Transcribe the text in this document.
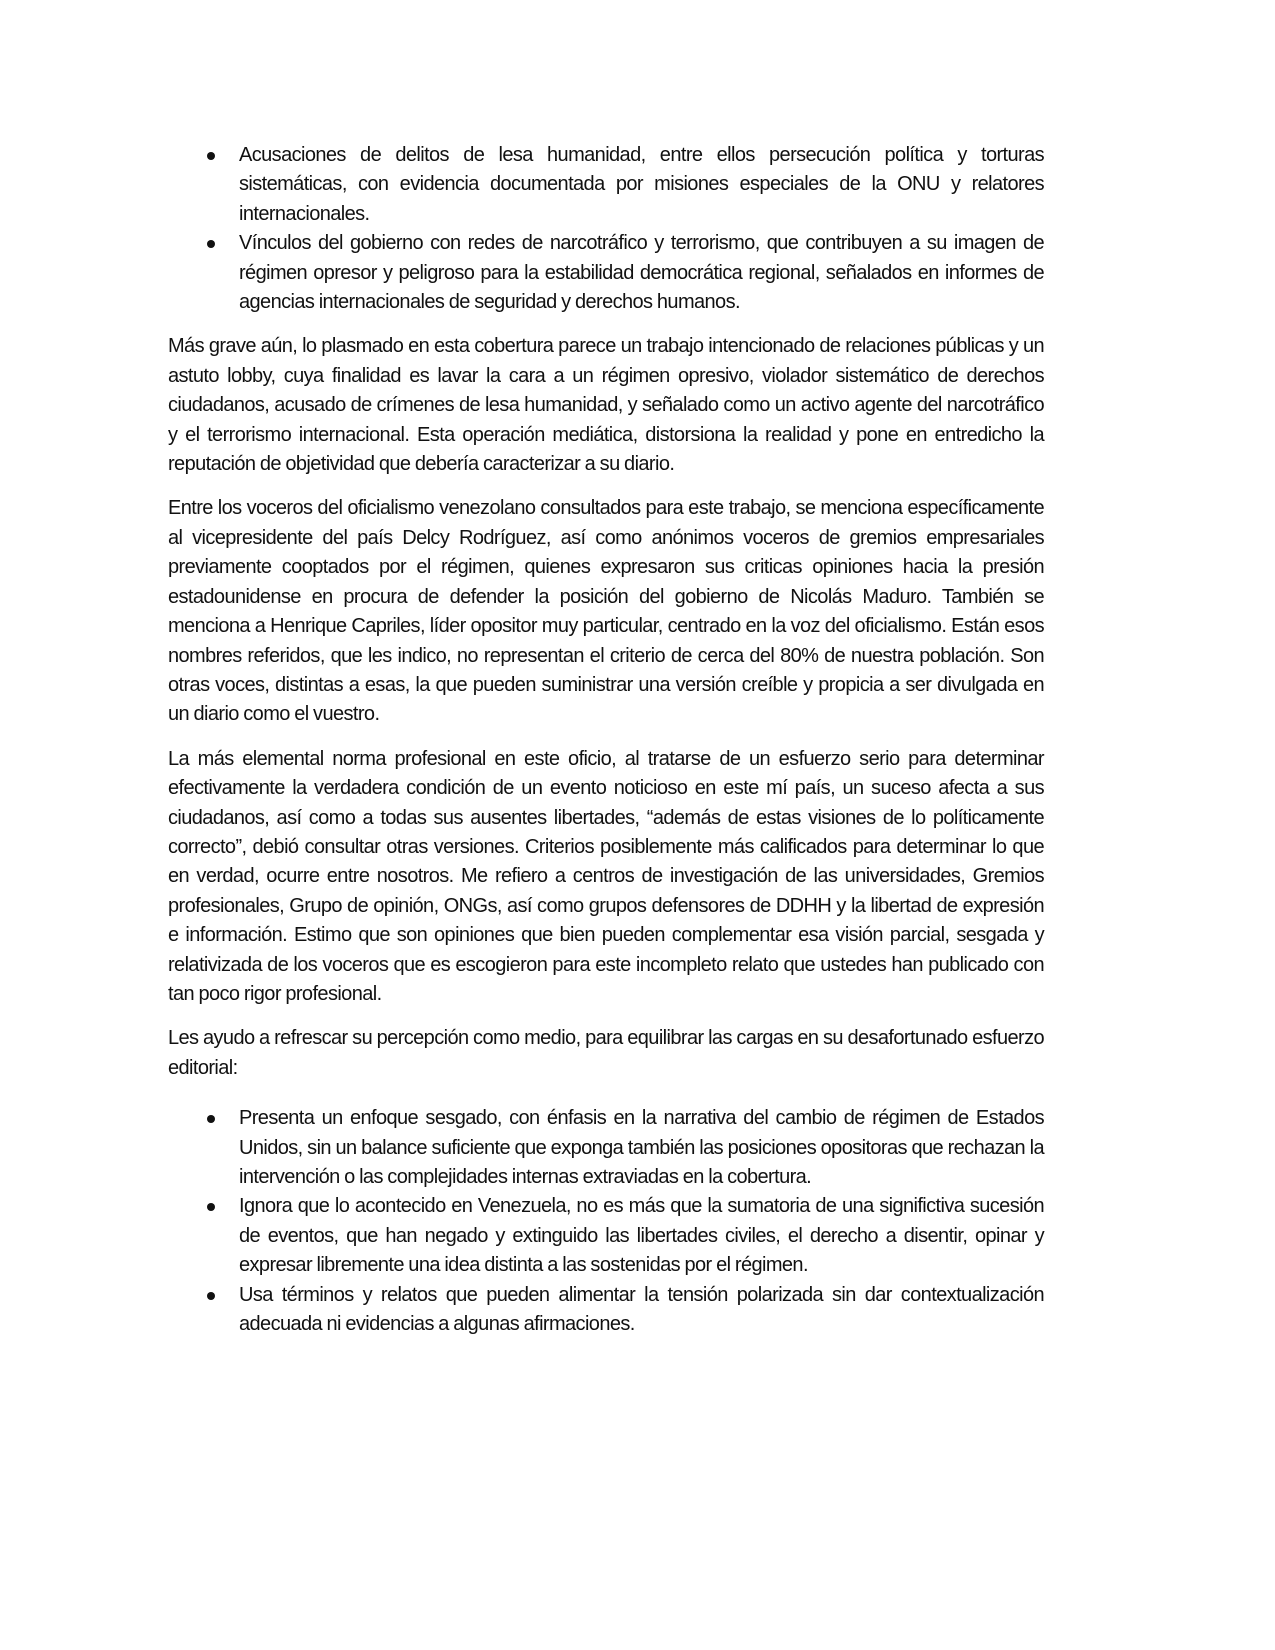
Acusaciones de delitos de lesa humanidad, entre ellos persecución política y torturas sistemáticas, con evidencia documentada por misiones especiales de la ONU y relatores internacionales.
Vínculos del gobierno con redes de narcotráfico y terrorismo, que contribuyen a su imagen de régimen opresor y peligroso para la estabilidad democrática regional, señalados en informes de agencias internacionales de seguridad y derechos humanos.

Más grave aún, lo plasmado en esta cobertura parece un trabajo intencionado de relaciones públicas y un astuto lobby, cuya finalidad es lavar la cara a un régimen opresivo, violador sistemático de derechos ciudadanos, acusado de crímenes de lesa humanidad, y señalado como un activo agente del narcotráfico y el terrorismo internacional. Esta operación mediática, distorsiona la realidad y pone en entredicho la reputación de objetividad que debería caracterizar a su diario.

Entre los voceros del oficialismo venezolano consultados para este trabajo, se menciona específicamente al vicepresidente del país Delcy Rodríguez, así como anónimos voceros de gremios empresariales previamente cooptados por el régimen, quienes expresaron sus criticas opiniones hacia la presión estadounidense en procura de defender la posición del gobierno de Nicolás Maduro. También se menciona a Henrique Capriles, líder opositor muy particular, centrado en la voz del oficialismo. Están esos nombres referidos, que les indico, no representan el criterio de cerca del 80% de nuestra población. Son otras voces, distintas a esas, la que pueden suministrar una versión creíble y propicia a ser divulgada en un diario como el vuestro.

La más elemental norma profesional en este oficio, al tratarse de un esfuerzo serio para determinar efectivamente la verdadera condición de un evento noticioso en este mí país, un suceso afecta a sus ciudadanos, así como a todas sus ausentes libertades, “además de estas visiones de lo políticamente correcto”, debió consultar otras versiones. Criterios posiblemente más calificados para determinar lo que en verdad, ocurre entre nosotros. Me refiero a centros de investigación de las universidades, Gremios profesionales, Grupo de opinión, ONGs, así como grupos defensores de DDHH y la libertad de expresión e información. Estimo que son opiniones que bien pueden complementar esa visión parcial, sesgada y relativizada de los voceros que es escogieron para este incompleto relato que ustedes han publicado con tan poco rigor profesional.

Les ayudo a refrescar su percepción como medio, para equilibrar las cargas en su desafortunado esfuerzo editorial:

Presenta un enfoque sesgado, con énfasis en la narrativa del cambio de régimen de Estados Unidos, sin un balance suficiente que exponga también las posiciones opositoras que rechazan la intervención o las complejidades internas extraviadas en la cobertura.
Ignora que lo acontecido en Venezuela, no es más que la sumatoria de una significtiva sucesión de eventos, que han negado y extinguido las libertades civiles, el derecho a disentir, opinar y expresar libremente una idea distinta a las sostenidas por el régimen.
Usa términos y relatos que pueden alimentar la tensión polarizada sin dar contextualización adecuada ni evidencias a algunas afirmaciones.
